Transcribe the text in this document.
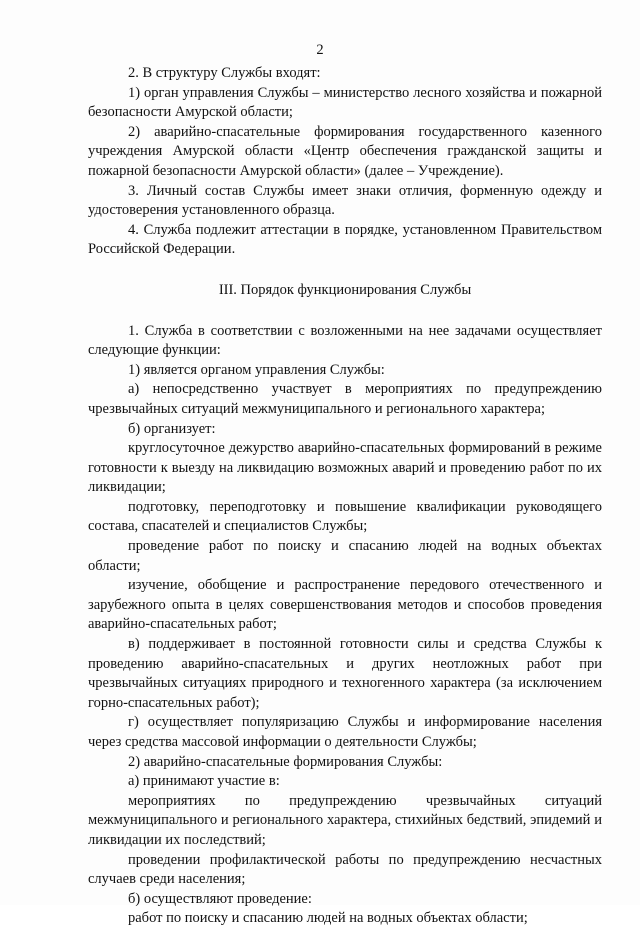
2

2. В структуру Службы входят:

1) орган управления Службы – министерство лесного хозяйства и пожарной безопасности Амурской области;

2) аварийно-спасательные формирования государственного казенного учреждения Амурской области «Центр обеспечения гражданской защиты и пожарной безопасности Амурской области» (далее – Учреждение).

3. Личный состав Службы имеет знаки отличия, форменную одежду и удостоверения установленного образца.

4. Служба подлежит аттестации в порядке, установленном Правительством Российской Федерации.

III. Порядок функционирования Службы

1. Служба в соответствии с возложенными на нее задачами осуществляет следующие функции:

1) является органом управления Службы:

а) непосредственно участвует в мероприятиях по предупреждению чрезвычайных ситуаций межмуниципального и регионального характера;

б) организует:

круглосуточное дежурство аварийно-спасательных формирований в режиме готовности к выезду на ликвидацию возможных аварий и проведению работ по их ликвидации;

подготовку, переподготовку и повышение квалификации руководящего состава, спасателей и специалистов Службы;

проведение работ по поиску и спасанию людей на водных объектах области;

изучение, обобщение и распространение передового отечественного и зарубежного опыта в целях совершенствования методов и способов проведения аварийно-спасательных работ;

в) поддерживает в постоянной готовности силы и средства Службы к проведению аварийно-спасательных и других неотложных работ при чрезвычайных ситуациях природного и техногенного характера (за исключением горно-спасательных работ);

г) осуществляет популяризацию Службы и информирование населения через средства массовой информации о деятельности Службы;

2) аварийно-спасательные формирования Службы:

а) принимают участие в:

мероприятиях по предупреждению чрезвычайных ситуаций межмуниципального и регионального характера, стихийных бедствий, эпидемий и ликвидации их последствий;

проведении профилактической работы по предупреждению несчастных случаев среди населения;

б) осуществляют проведение:

работ по поиску и спасанию людей на водных объектах области;
